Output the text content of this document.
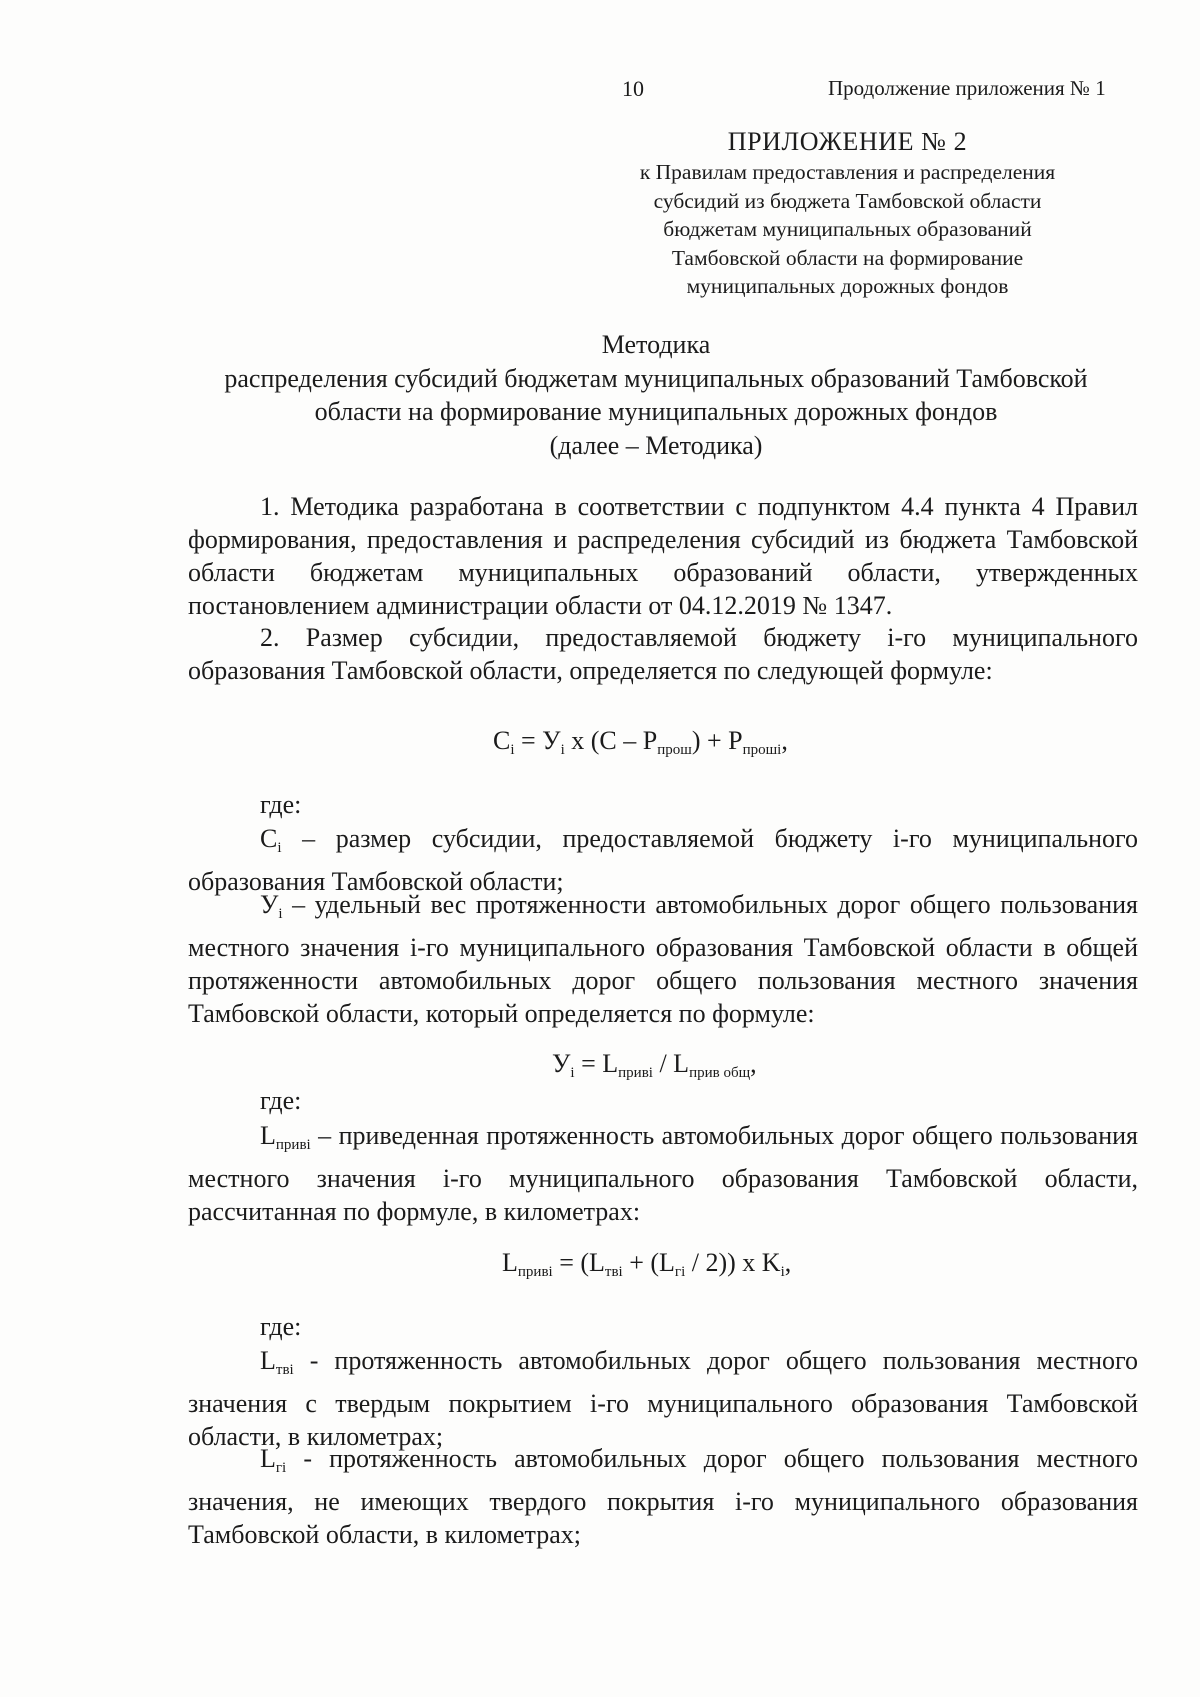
10	Продолжение приложения № 1
ПРИЛОЖЕНИЕ № 2
к Правилам предоставления и распределения
субсидий из бюджета Тамбовской области
бюджетам муниципальных образований
Тамбовской области на формирование
муниципальных дорожных фондов
Методика
распределения субсидий бюджетам муниципальных образований Тамбовской
области на формирование муниципальных дорожных фондов
(далее – Методика)
1. Методика разработана в соответствии с подпунктом 4.4 пункта 4 Правил формирования, предоставления и распределения субсидий из бюджета Тамбовской области бюджетам муниципальных образований области, утвержденных постановлением администрации области от 04.12.2019 № 1347.
2. Размер субсидии, предоставляемой бюджету i-го муниципального образования Тамбовской области, определяется по следующей формуле:
$C_i = У_i$ x $(C - P_{прош}) + P_{прошi}$,
где:
$C_i$ – размер субсидии, предоставляемой бюджету i-го муниципального образования Тамбовской области;
$У_i$ – удельный вес протяженности автомобильных дорог общего пользования местного значения i-го муниципального образования Тамбовской области в общей протяженности автомобильных дорог общего пользования местного значения Тамбовской области, который определяется по формуле:
$У_i = L_{привi} / L_{прив общ}$,
где:
$L_{привi}$ – приведенная протяженность автомобильных дорог общего пользования местного значения i-го муниципального образования Тамбовской области, рассчитанная по формуле, в километрах:
$L_{привi} = (L_{твi} + (L_{гi} / 2))$ x $K_i$,
где:
$L_{твi}$ - протяженность автомобильных дорог общего пользования местного значения с твердым покрытием i-го муниципального образования Тамбовской области, в километрах;
$L_{гi}$ - протяженность автомобильных дорог общего пользования местного значения, не имеющих твердого покрытия i-го муниципального образования Тамбовской области, в километрах;
